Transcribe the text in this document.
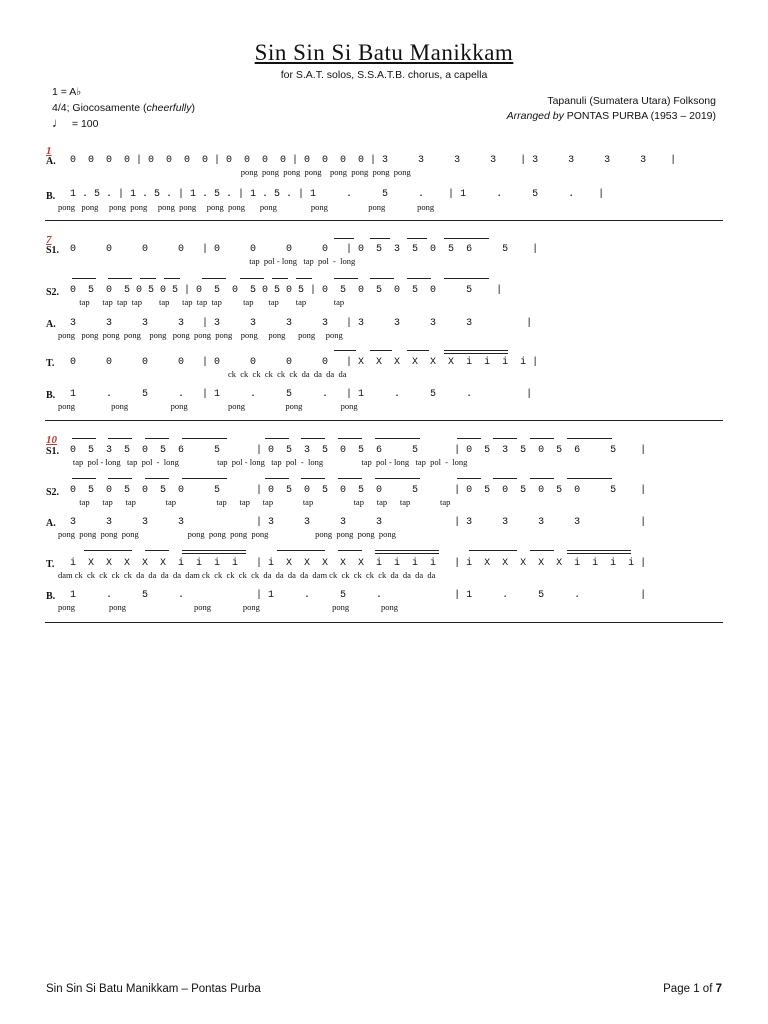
Sin Sin Si Batu Manikkam
for S.A.T. solos, S.S.A.T.B. chorus, a capella
1 = A♭
4/4; Giocosamente (cheerfully)
♩ = 100
Tapanuli (Sumatera Utara) Folksong
Arranged by PONTAS PURBA (1953 – 2019)
1
A. 0  0  0  0 | 0  0  0  0 | 0  0  0  0 | 0  0  0  0 | 3     3     3     3    | 3     3     3     3    |
pong  pong  pong  pong    pong  pong  pong  pong
B. 1 . 5 . | 1 . 5 . | 1 . 5 . | 1 . 5 . | 1     .     5     .    | 1     .     5     .    |
pong   pong     pong  pong     pong  pong     pong  pong       pong                pong                   pong               pong
7
S1. 0     0     0     0   | 0     0     0     0   | 0  5  3  5  0  5  6     5    |
tap  pol - long   tap  pol  -  long
S2. 0  5  0  5 0 5 0 5 | 0  5  0  5 0 5 0 5 | 0  5  0  5  0  5  0     5    |
tap      tap  tap  tap        tap      tap  tap  tap          tap       tap        tap             tap
A. 3     3     3     3   | 3     3     3     3   | 3     3     3     3         |
pong   pong  pong  pong    pong   pong  pong  pong    pong     pong      pong     pong
T. 0     0     0     0   | 0     0     0     0   | X  X  X  X  X  X  i  i  i  i |
ck  ck  ck  ck  ck  ck  da  da  da  da
B. 1     .     5     .   | 1     .     5     .   | 1     .     5     .         |
pong                 pong                    pong                   pong                   pong                  pong
10
S1. 0  5  3  5  0  5  6     5      | 0  5  3  5  0  5  6     5      | 0  5  3  5  0  5  6     5    |
tap  pol - long   tap  pol  -  long                  tap  pol - long   tap  pol  -  long                  tap  pol - long   tap  pol  -  long
S2. 0  5  0  5  0  5  0     5      | 0  5  0  5  0  5  0     5      | 0  5  0  5  0  5  0     5    |
tap      tap      tap              tap                   tap      tap      tap              tap                   tap      tap      tap              tap
A. 3     3     3     3            | 3     3     3     3            | 3     3     3     3          |
pong  pong  pong  pong                       pong  pong  pong  pong                      pong  pong  pong  pong
T. i  X  X  X  X  X  i  i  i  i   | i  X  X  X  X  X  i  i  i  i   | i  X  X  X  X  X  i  i  i  i |
dam ck  ck  ck  ck  ck  da  da  da  da  dam ck  ck  ck  ck  ck  da  da  da  da  dam ck  ck  ck  ck  ck  da  da  da  da
B. 1     .     5     .            | 1     .     5     .            | 1     .     5     .          |
pong                pong                                pong               pong                                  pong               pong
Sin Sin Si Batu Manikkam – Pontas Purba	Page 1 of 7
